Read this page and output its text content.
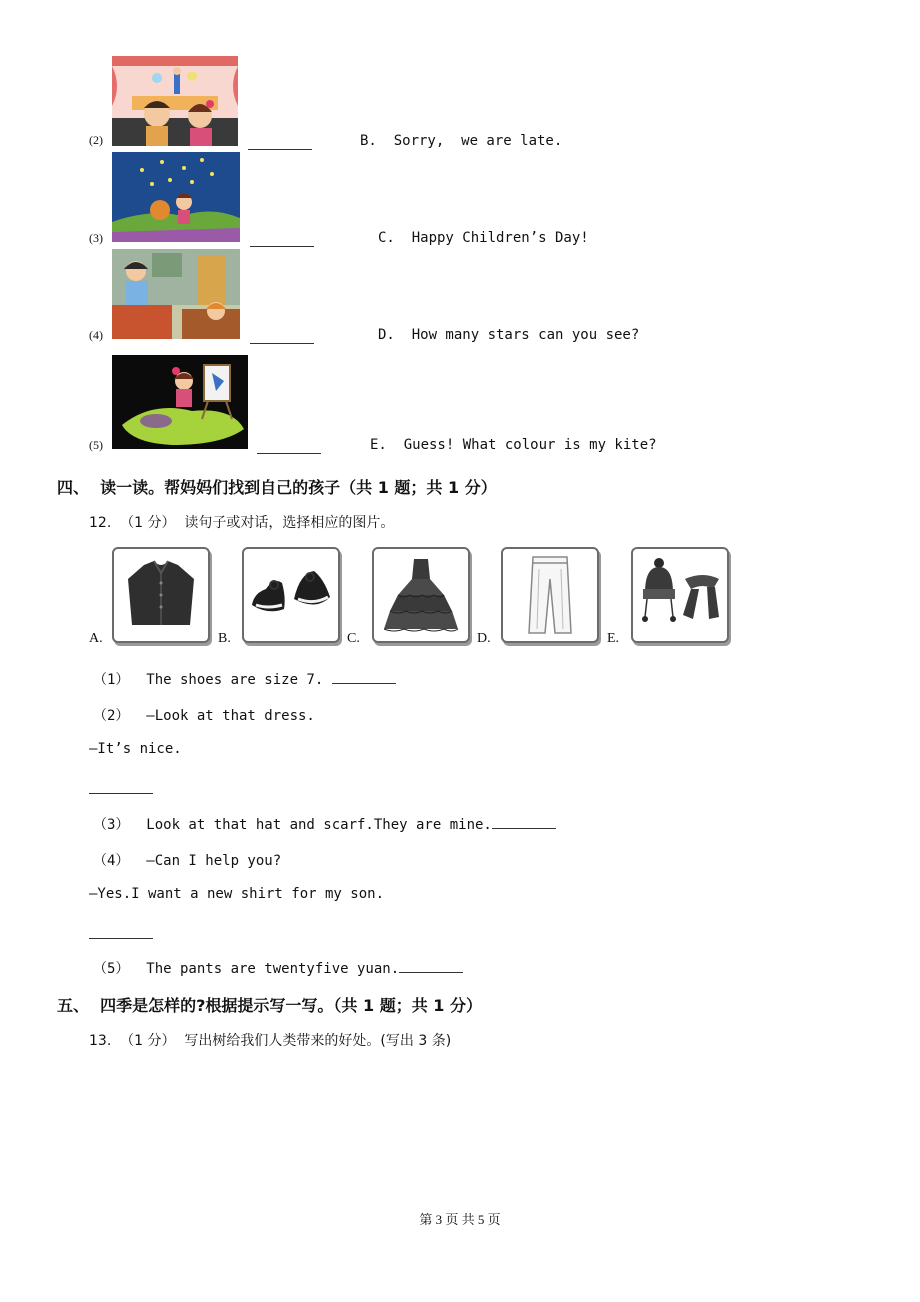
(2)	B.  Sorry,  we are late.
(3)	C.  Happy Children’s Day!
(4)	D.  How many stars can you see?
(5)	E.  Guess! What colour is my kite?
四、  读一读。帮妈妈们找到自己的孩子（共 1 题；共 1 分）
12.  （1 分）  读句子或对话，选择相应的图片。
A.	B.	C.	D.	E.
（1）  The shoes are size 7.
（2）  —Look at that dress.
—It’s nice.
（3）  Look at that hat and scarf.They are mine.
（4）  —Can I help you?
—Yes.I want a new shirt for my son.
（5）  The pants are twentyfive yuan.
五、  四季是怎样的?根据提示写一写。（共 1 题；共 1 分）
13.  （1 分）  写出树给我们人类带来的好处。(写出 3 条)
第 3 页 共 5 页
